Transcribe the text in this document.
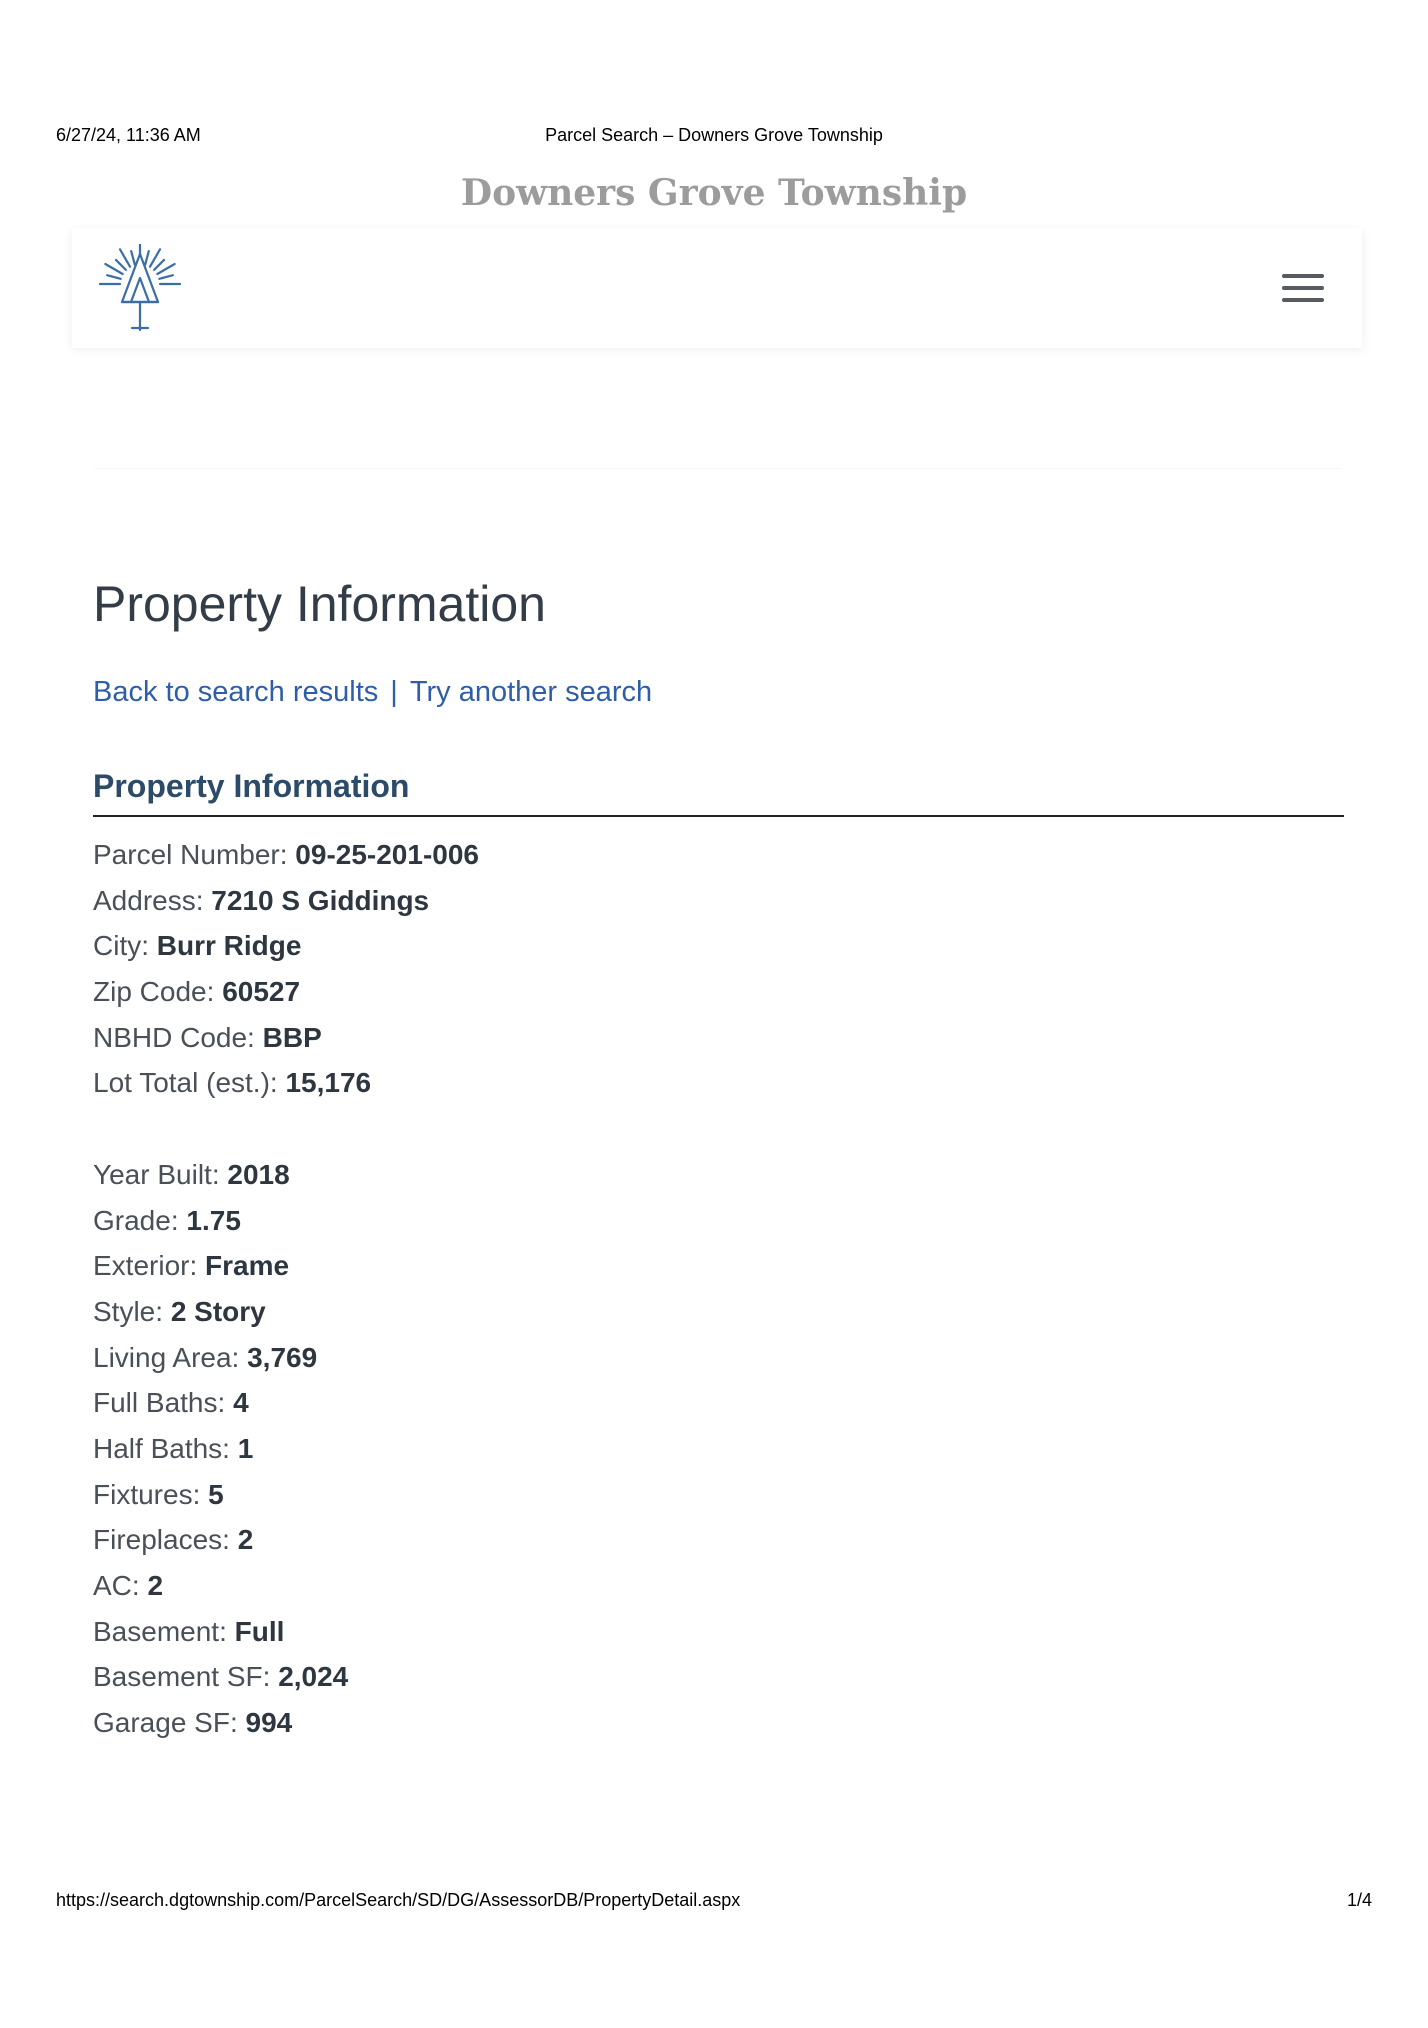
6/27/24, 11:36 AM	Parcel Search – Downers Grove Township
Downers Grove Township
Property Information
Back to search results | Try another search
Property Information
Parcel Number: 09-25-201-006
Address: 7210 S Giddings
City: Burr Ridge
Zip Code: 60527
NBHD Code: BBP
Lot Total (est.): 15,176
Year Built: 2018
Grade: 1.75
Exterior: Frame
Style: 2 Story
Living Area: 3,769
Full Baths: 4
Half Baths: 1
Fixtures: 5
Fireplaces: 2
AC: 2
Basement: Full
Basement SF: 2,024
Garage SF: 994
https://search.dgtownship.com/ParcelSearch/SD/DG/AssessorDB/PropertyDetail.aspx	1/4
